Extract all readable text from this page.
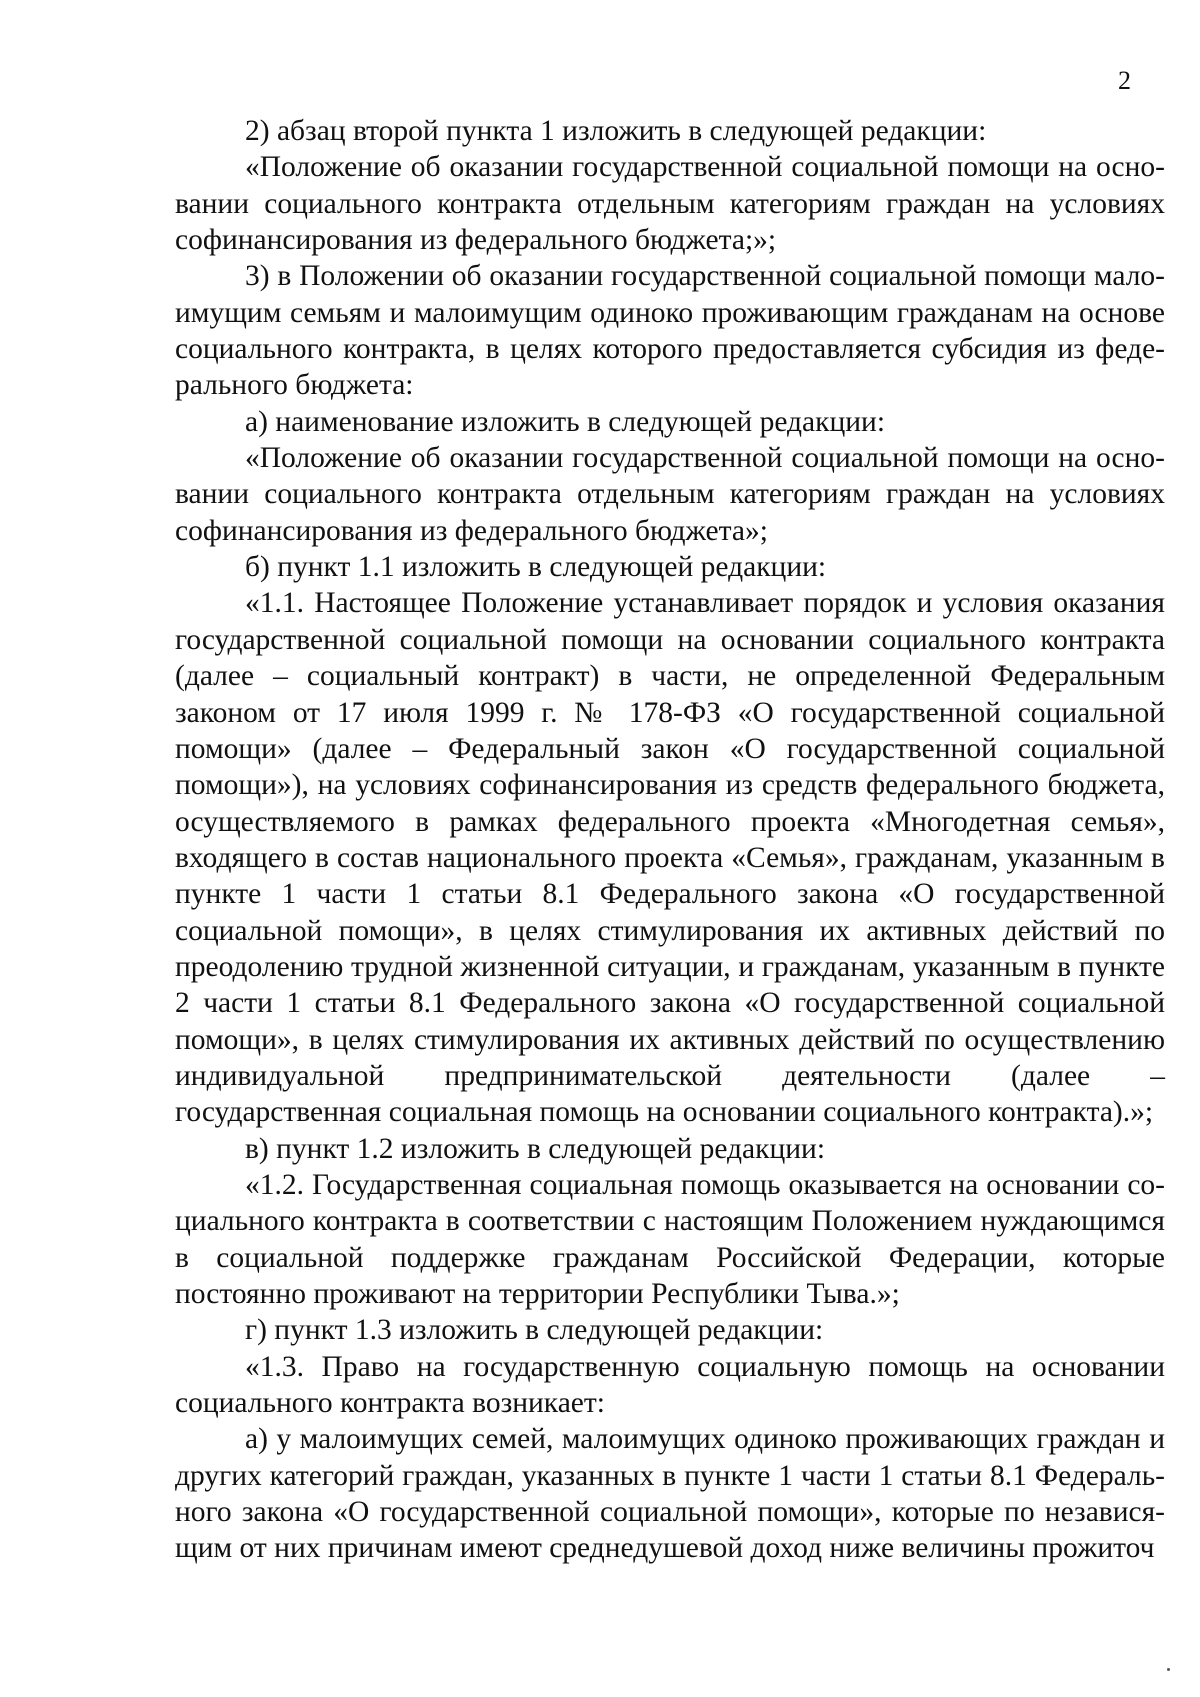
2

2) абзац второй пункта 1 изложить в следующей редакции:

«Положение об оказании государственной социальной помощи на основании социального контракта отдельным категориям граждан на условиях софинансирования из федерального бюджета;»;

3) в Положении об оказании государственной социальной помощи малоимущим семьям и малоимущим одиноко проживающим гражданам на основе социального контракта, в целях которого предоставляется субсидия из федерального бюджета:

а) наименование изложить в следующей редакции:

«Положение об оказании государственной социальной помощи на основании социального контракта отдельным категориям граждан на условиях софинансирования из федерального бюджета»;

б) пункт 1.1 изложить в следующей редакции:

«1.1. Настоящее Положение устанавливает порядок и условия оказания государственной социальной помощи на основании социального контракта (далее – социальный контракт) в части, не определенной Федеральным законом от 17 июля 1999 г. № 178-ФЗ «О государственной социальной помощи» (далее – Федеральный закон «О государственной социальной помощи»), на условиях софинансирования из средств федерального бюджета, осуществляемого в рамках федерального проекта «Многодетная семья», входящего в состав национального проекта «Семья», гражданам, указанным в пункте 1 части 1 статьи 8.1 Федерального закона «О государственной социальной помощи», в целях стимулирования их активных действий по преодолению трудной жизненной ситуации, и гражданам, указанным в пункте 2 части 1 статьи 8.1 Федерального закона «О государственной социальной помощи», в целях стимулирования их активных действий по осуществлению индивидуальной предпринимательской деятельности (далее – государственная социальная помощь на основании социального контракта).»;

в) пункт 1.2 изложить в следующей редакции:

«1.2. Государственная социальная помощь оказывается на основании социального контракта в соответствии с настоящим Положением нуждающимся в социальной поддержке гражданам Российской Федерации, которые постоянно проживают на территории Республики Тыва.»;

г) пункт 1.3 изложить в следующей редакции:

«1.3. Право на государственную социальную помощь на основании социального контракта возникает:

а) у малоимущих семей, малоимущих одиноко проживающих граждан и других категорий граждан, указанных в пункте 1 части 1 статьи 8.1 Федерального закона «О государственной социальной помощи», которые по независящим от них причинам имеют среднедушевой доход ниже величины прожиточ
